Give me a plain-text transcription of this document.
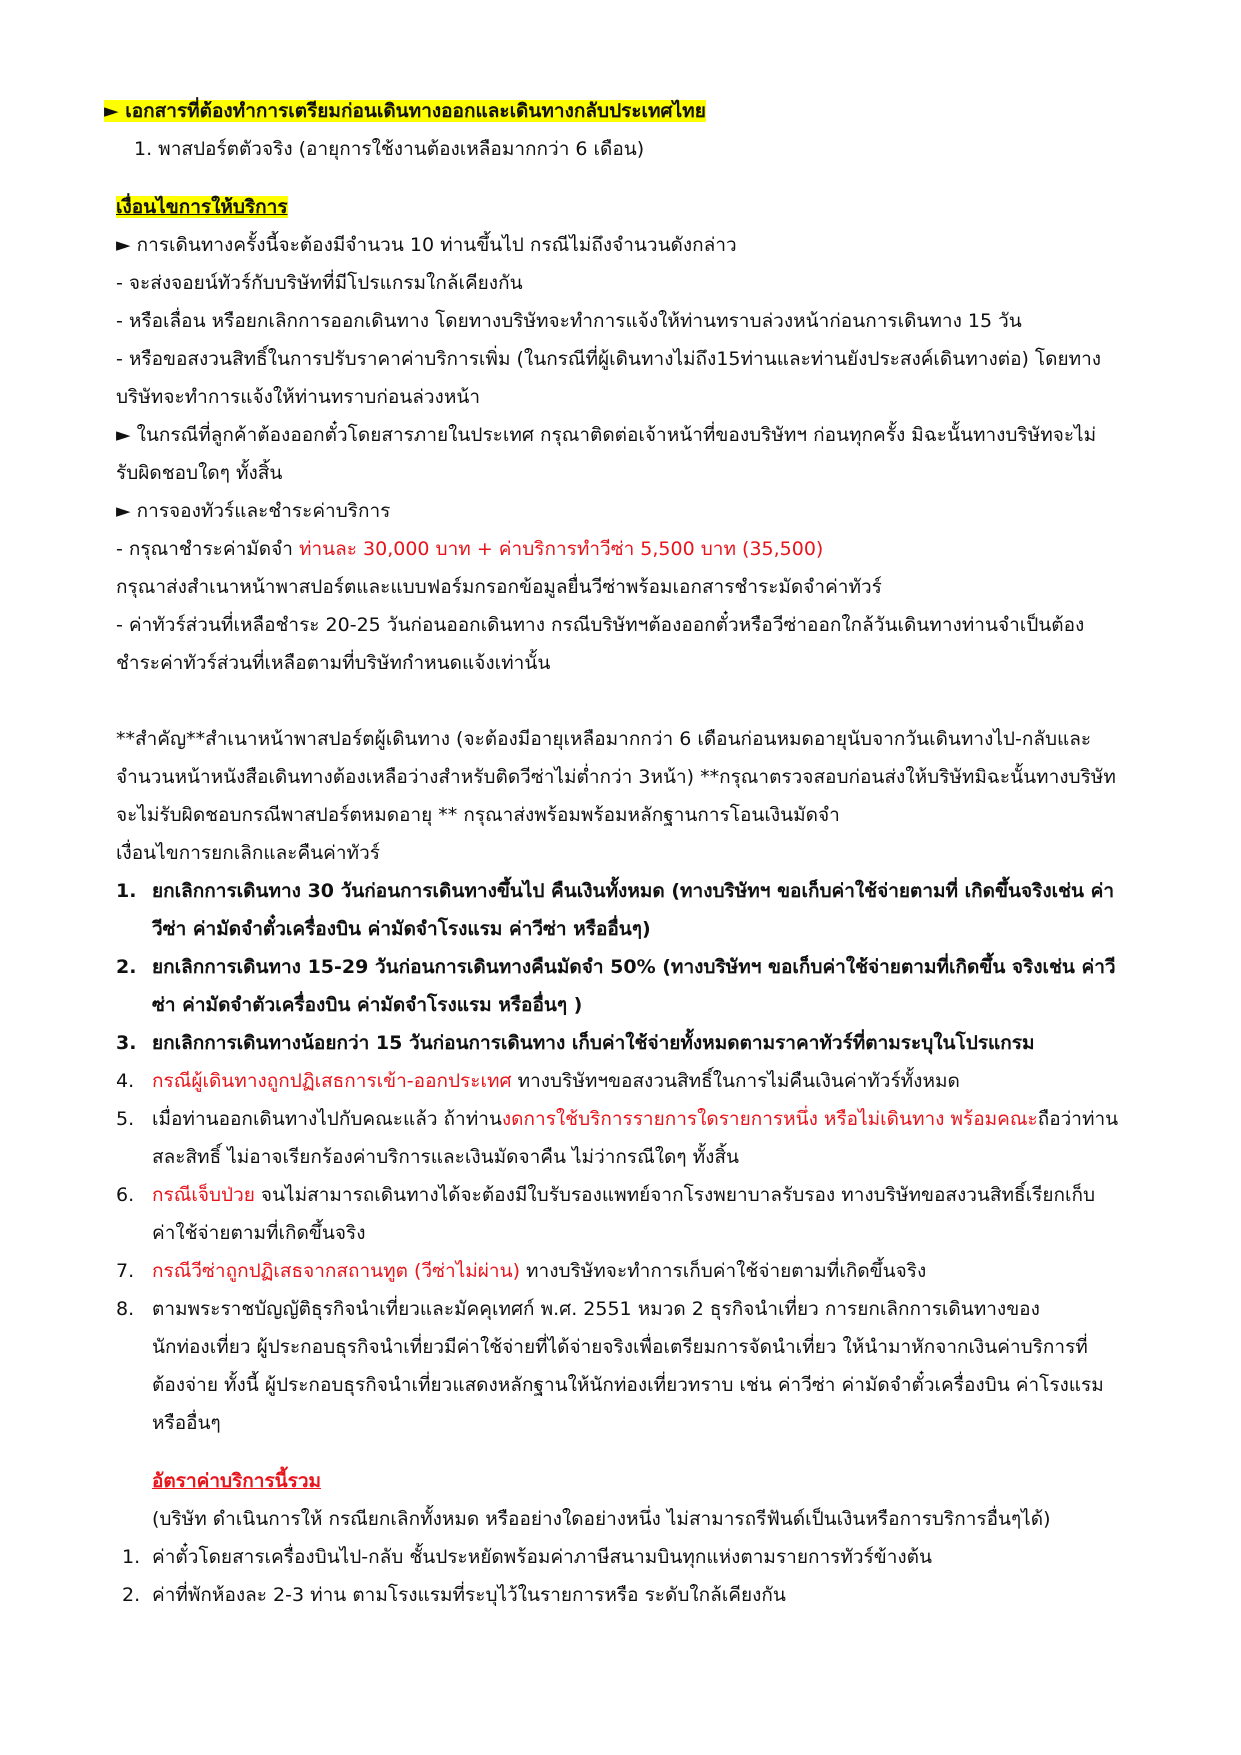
► เอกสารที่ต้องทำการเตรียมก่อนเดินทางออกและเดินทางกลับประเทศไทย
1. พาสปอร์ตตัวจริง (อายุการใช้งานต้องเหลือมากกว่า 6 เดือน)
เงื่อนไขการให้บริการ
► การเดินทางครั้งนี้จะต้องมีจำนวน 10 ท่านขึ้นไป กรณีไม่ถึงจำนวนดังกล่าว
- จะส่งจอยน์ทัวร์กับบริษัทที่มีโปรแกรมใกล้เคียงกัน
- หรือเลื่อน หรือยกเลิกการออกเดินทาง โดยทางบริษัทจะทำการแจ้งให้ท่านทราบล่วงหน้าก่อนการเดินทาง 15 วัน
- หรือขอสงวนสิทธิ์ในการปรับราคาค่าบริการเพิ่ม (ในกรณีที่ผู้เดินทางไม่ถึง15ท่านและท่านยังประสงค์เดินทางต่อ) โดยทาง
บริษัทจะทำการแจ้งให้ท่านทราบก่อนล่วงหน้า
► ในกรณีที่ลูกค้าต้องออกตั๋วโดยสารภายในประเทศ กรุณาติดต่อเจ้าหน้าที่ของบริษัทฯ ก่อนทุกครั้ง มิฉะนั้นทางบริษัทจะไม่
รับผิดชอบใดๆ ทั้งสิ้น
► การจองทัวร์และชำระค่าบริการ
- กรุณาชำระค่ามัดจำ ท่านละ 30,000 บาท + ค่าบริการทำวีซ่า 5,500 บาท (35,500)
กรุณาส่งสำเนาหน้าพาสปอร์ตและแบบฟอร์มกรอกข้อมูลยื่นวีซ่าพร้อมเอกสารชำระมัดจำค่าทัวร์
- ค่าทัวร์ส่วนที่เหลือชำระ 20-25 วันก่อนออกเดินทาง กรณีบริษัทฯต้องออกตั๋วหรือวีซ่าออกใกล้วันเดินทางท่านจำเป็นต้อง
ชำระค่าทัวร์ส่วนที่เหลือตามที่บริษัทกำหนดแจ้งเท่านั้น
**สำคัญ**สำเนาหน้าพาสปอร์ตผู้เดินทาง (จะต้องมีอายุเหลือมากกว่า 6 เดือนก่อนหมดอายุนับจากวันเดินทางไป-กลับและ
จำนวนหน้าหนังสือเดินทางต้องเหลือว่างสำหรับติดวีซ่าไม่ต่ำกว่า 3หน้า) **กรุณาตรวจสอบก่อนส่งให้บริษัทมิฉะนั้นทางบริษัท
จะไม่รับผิดชอบกรณีพาสปอร์ตหมดอายุ ** กรุณาส่งพร้อมพร้อมหลักฐานการโอนเงินมัดจำ
เงื่อนไขการยกเลิกและคืนค่าทัวร์
1. ยกเลิกการเดินทาง 30 วันก่อนการเดินทางขึ้นไป คืนเงินทั้งหมด (ทางบริษัทฯ ขอเก็บค่าใช้จ่ายตามที่ เกิดขึ้นจริงเช่น ค่า
วีซ่า ค่ามัดจำตั๋วเครื่องบิน ค่ามัดจำโรงแรม ค่าวีซ่า หรืออื่นๆ)
2. ยกเลิกการเดินทาง 15-29 วันก่อนการเดินทางคืนมัดจำ 50% (ทางบริษัทฯ ขอเก็บค่าใช้จ่ายตามที่เกิดขึ้น จริงเช่น ค่าวี
ซ่า ค่ามัดจำตัวเครื่องบิน ค่ามัดจำโรงแรม หรืออื่นๆ )
3. ยกเลิกการเดินทางน้อยกว่า 15 วันก่อนการเดินทาง เก็บค่าใช้จ่ายทั้งหมดตามราคาทัวร์ที่ตามระบุในโปรแกรม
4. กรณีผู้เดินทางถูกปฏิเสธการเข้า-ออกประเทศ ทางบริษัทฯขอสงวนสิทธิ์ในการไม่คืนเงินค่าทัวร์ทั้งหมด
5. เมื่อท่านออกเดินทางไปกับคณะแล้ว ถ้าท่านงดการใช้บริการรายการใดรายการหนึ่ง หรือไม่เดินทาง พร้อมคณะถือว่าท่าน
สละสิทธิ์ ไม่อาจเรียกร้องค่าบริการและเงินมัดจาคืน ไม่ว่ากรณีใดๆ ทั้งสิ้น
6. กรณีเจ็บป่วย จนไม่สามารถเดินทางได้จะต้องมีใบรับรองแพทย์จากโรงพยาบาลรับรอง ทางบริษัทขอสงวนสิทธิ์เรียกเก็บ
ค่าใช้จ่ายตามที่เกิดขึ้นจริง
7. กรณีวีซ่าถูกปฏิเสธจากสถานทูต (วีซ่าไม่ผ่าน) ทางบริษัทจะทำการเก็บค่าใช้จ่ายตามที่เกิดขึ้นจริง
8. ตามพระราชบัญญัติธุรกิจนำเที่ยวและมัคคุเทศก์ พ.ศ. 2551 หมวด 2 ธุรกิจนำเที่ยว การยกเลิกการเดินทางของ
นักท่องเที่ยว ผู้ประกอบธุรกิจนำเที่ยวมีค่าใช้จ่ายที่ได้จ่ายจริงเพื่อเตรียมการจัดนำเที่ยว ให้นำมาหักจากเงินค่าบริการที่
ต้องจ่าย ทั้งนี้ ผู้ประกอบธุรกิจนำเที่ยวแสดงหลักฐานให้นักท่องเที่ยวทราบ เช่น ค่าวีซ่า ค่ามัดจำตั๋วเครื่องบิน ค่าโรงแรม
หรืออื่นๆ
อัตราค่าบริการนี้รวม
(บริษัท ดำเนินการให้ กรณียกเลิกทั้งหมด หรืออย่างใดอย่างหนึ่ง ไม่สามารถรีฟันด์เป็นเงินหรือการบริการอื่นๆได้)
1. ค่าตั๋วโดยสารเครื่องบินไป-กลับ ชั้นประหยัดพร้อมค่าภาษีสนามบินทุกแห่งตามรายการทัวร์ข้างต้น
2. ค่าที่พักห้องละ 2-3 ท่าน ตามโรงแรมที่ระบุไว้ในรายการหรือ ระดับใกล้เคียงกัน
